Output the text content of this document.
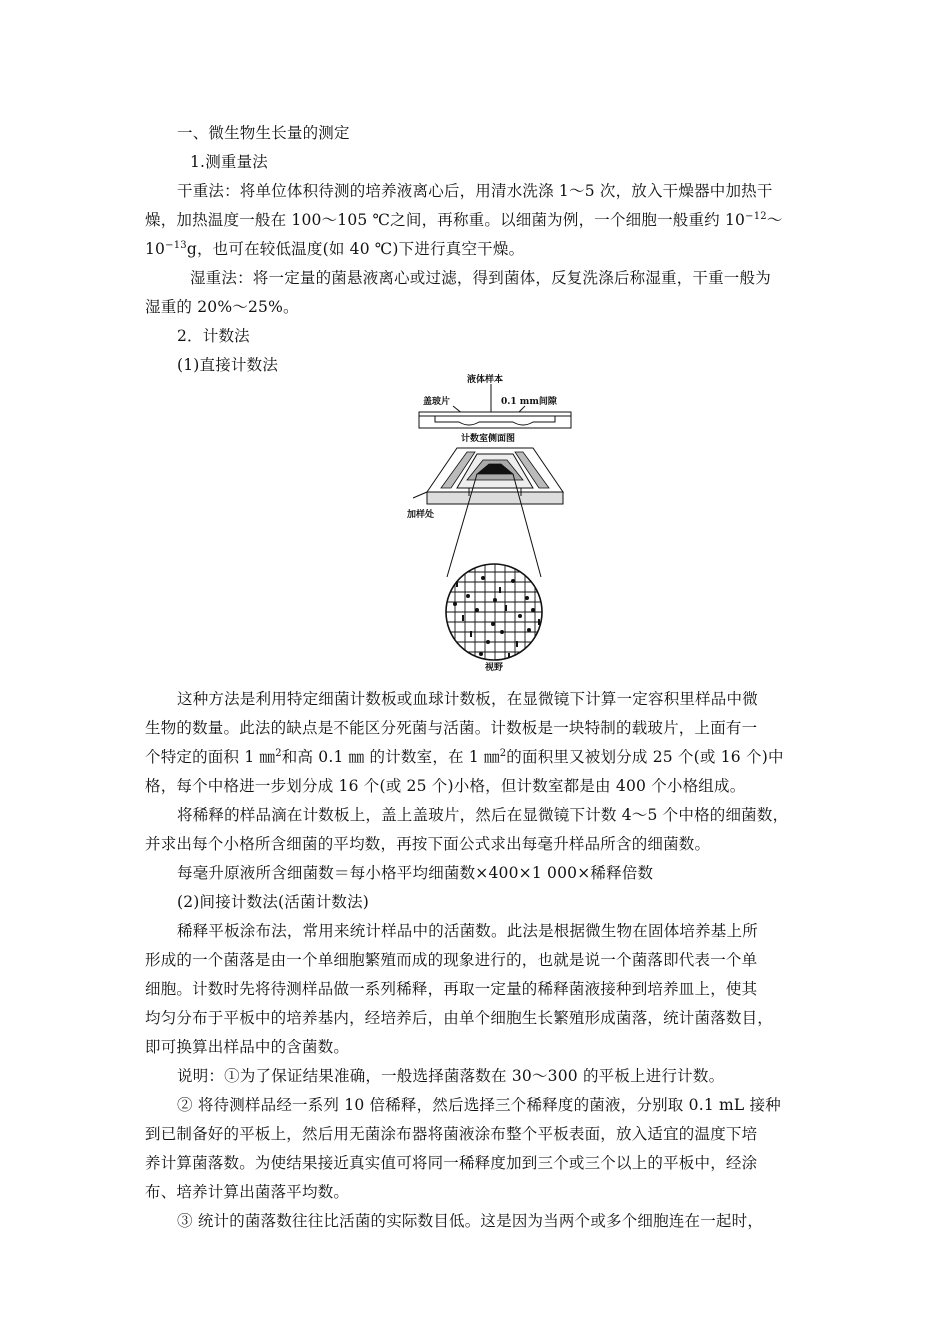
一、微生物生长量的测定
1.测重量法
干重法：将单位体积待测的培养液离心后，用清水洗涤 1～5 次，放入干燥器中加热干
燥，加热温度一般在 100～105 ℃之间，再称重。以细菌为例，一个细胞一般重约 $10^{-12}\sim$
$10^{-13}g$，也可在较低温度(如 40 ℃)下进行真空干燥。
湿重法：将一定量的菌悬液离心或过滤，得到菌体，反复洗涤后称湿重，干重一般为
湿重的 20%～25%。
2．计数法
(1)直接计数法
液体样本
盖玻片	0.1 mm间隙
计数室侧面图
加样处
视野
这种方法是利用特定细菌计数板或血球计数板，在显微镜下计算一定容积里样品中微
生物的数量。此法的缺点是不能区分死菌与活菌。计数板是一块特制的载玻片，上面有一
个特定的面积 1 ㎜$^2$和高 0.1 ㎜ 的计数室，在 1 ㎜$^2$的面积里又被划分成 25 个(或 16 个)中
格，每个中格进一步划分成 16 个(或 25 个)小格，但计数室都是由 400 个小格组成。
将稀释的样品滴在计数板上，盖上盖玻片，然后在显微镜下计数 4～5 个中格的细菌数，
并求出每个小格所含细菌的平均数，再按下面公式求出每毫升样品所含的细菌数。
每毫升原液所含细菌数＝每小格平均细菌数×400×1 000×稀释倍数
(2)间接计数法(活菌计数法)
稀释平板涂布法，常用来统计样品中的活菌数。此法是根据微生物在固体培养基上所
形成的一个菌落是由一个单细胞繁殖而成的现象进行的，也就是说一个菌落即代表一个单
细胞。计数时先将待测样品做一系列稀释，再取一定量的稀释菌液接种到培养皿上，使其
均匀分布于平板中的培养基内，经培养后，由单个细胞生长繁殖形成菌落，统计菌落数目，
即可换算出样品中的含菌数。
说明：①为了保证结果准确，一般选择菌落数在 30～300 的平板上进行计数。
② 将待测样品经一系列 10 倍稀释，然后选择三个稀释度的菌液，分别取 0.1 mL 接种
到已制备好的平板上，然后用无菌涂布器将菌液涂布整个平板表面，放入适宜的温度下培
养计算菌落数。为使结果接近真实值可将同一稀释度加到三个或三个以上的平板中，经涂
布、培养计算出菌落平均数。
③ 统计的菌落数往往比活菌的实际数目低。这是因为当两个或多个细胞连在一起时，
